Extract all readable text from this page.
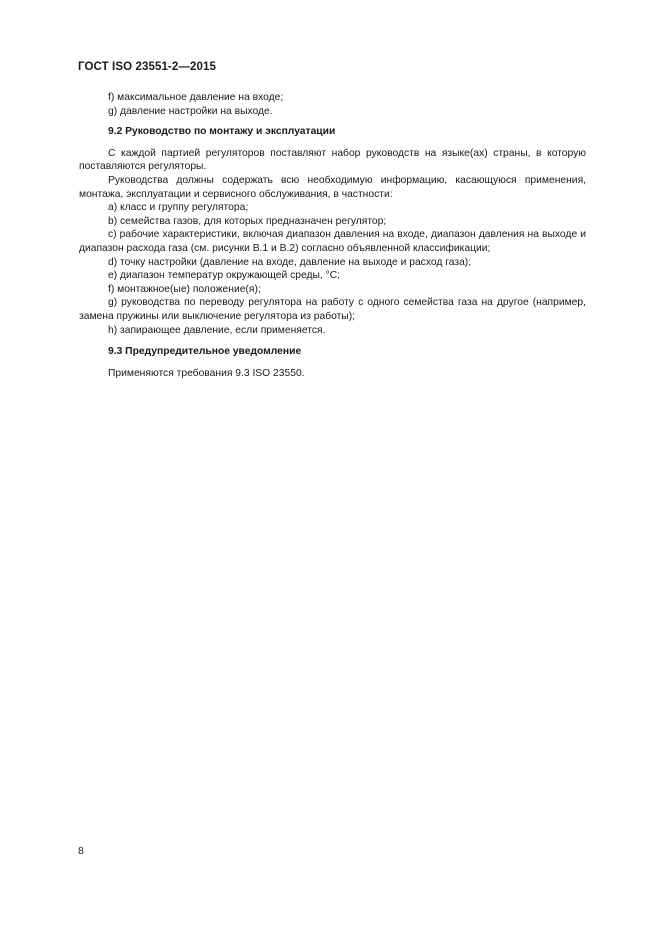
ГОСТ ISO 23551-2—2015

f) максимальное давление на входе;

g) давление настройки на выходе.

9.2 Руководство по монтажу и эксплуатации

С каждой партией регуляторов поставляют набор руководств на языке(ах) страны, в которую поставляются регуляторы.

Руководства должны содержать всю необходимую информацию, касающуюся применения, монтажа, эксплуатации и сервисного обслуживания, в частности:

a) класс и группу регулятора;

b) семейства газов, для которых предназначен регулятор;

c) рабочие характеристики, включая диапазон давления на входе, диапазон давления на выходе и диапазон расхода газа (см. рисунки В.1 и В.2) согласно объявленной классификации;

d) точку настройки (давление на входе, давление на выходе и расход газа);

e) диапазон температур окружающей среды, °C;

f) монтажное(ые) положение(я);

g) руководства по переводу регулятора на работу с одного семейства газа на другое (например, замена пружины или выключение регулятора из работы);

h) запирающее давление, если применяется.

9.3 Предупредительное уведомление

Применяются требования 9.3 ISO 23550.

8
